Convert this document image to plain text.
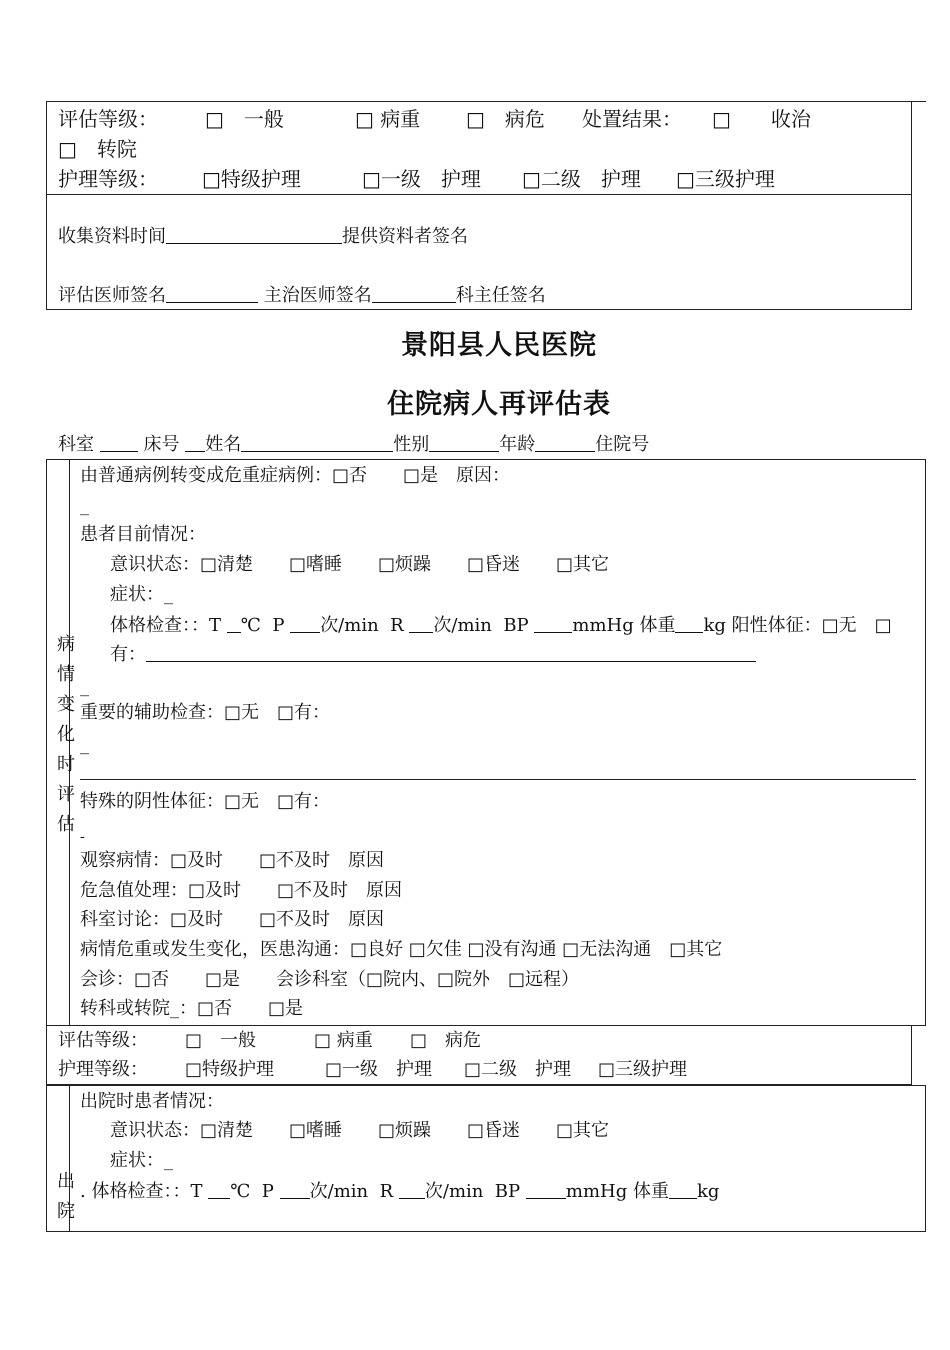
评估等级： □　一般	□ 病重 □　病危 处置结果： □　　收治
□　转院
护理等级： □特级护理	□一级　护理 □二级　护理 □三级护理
收集资料时间	提供资料者签名
评估医师签名	主治医师签名	科主任签名
景阳县人民医院
住院病人再评估表
科室	床号 姓名	性别	年龄	住院号
病情变化时评估
由普通病例转变成危重症病例：□否　　□是　原因：
_
患者目前情况：
意识状态：□清楚　　□嗜睡　　□烦躁　　□昏迷　　□其它
症状：_
体格检查：：T ℃  P 次/min  R 次/min  BP mmHg 体重 kg 阳性体征：□无　□
有：
_
重要的辅助检查：□无　□有：
_
特殊的阴性体征：□无　□有：
-
观察病情：□及时　　□不及时　原因
危急值处理：□及时　　□不及时　原因
科室讨论：□及时　　□不及时　原因
病情危重或发生变化，医患沟通：□良好 □欠佳 □没有沟通 □无法沟通　□其它
会诊：□否　　□是　　会诊科室（□院内、□院外　□远程）
转科或转院_：□否　　□是
评估等级： □　一般	□ 病重 □　病危
护理等级： □特级护理	□一级　护理 □二级　护理 □三级护理
出院
出院时患者情况：
意识状态：□清楚　　□嗜睡　　□烦躁　　□昏迷　　□其它
症状：_
. 体格检查：：T ℃  P 次/min  R 次/min  BP	mmHg 体重 kg
